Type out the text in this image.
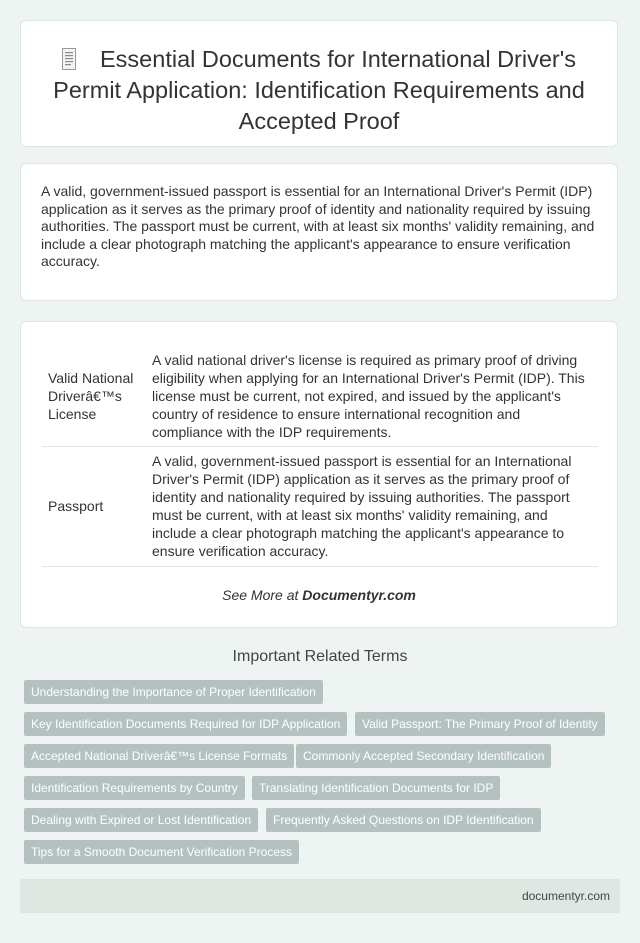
Essential Documents for International Driver's Permit Application: Identification Requirements and Accepted Proof

A valid, government-issued passport is essential for an International Driver's Permit (IDP) application as it serves as the primary proof of identity and nationality required by issuing authorities. The passport must be current, with at least six months' validity remaining, and include a clear photograph matching the applicant's appearance to ensure verification accuracy.

Valid National Driverâ€™s License	A valid national driver's license is required as primary proof of driving eligibility when applying for an International Driver's Permit (IDP). This license must be current, not expired, and issued by the applicant's country of residence to ensure international recognition and compliance with the IDP requirements.
Passport	A valid, government-issued passport is essential for an International Driver's Permit (IDP) application as it serves as the primary proof of identity and nationality required by issuing authorities. The passport must be current, with at least six months' validity remaining, and include a clear photograph matching the applicant's appearance to ensure verification accuracy.
See More at Documentyr.com
Important Related Terms
Understanding the Importance of Proper Identification
Key Identification Documents Required for IDP Application	Valid Passport: The Primary Proof of Identity
Accepted National Driverâ€™s License Formats	Commonly Accepted Secondary Identification
Identification Requirements by Country	Translating Identification Documents for IDP
Dealing with Expired or Lost Identification	Frequently Asked Questions on IDP Identification
Tips for a Smooth Document Verification Process
documentyr.com
